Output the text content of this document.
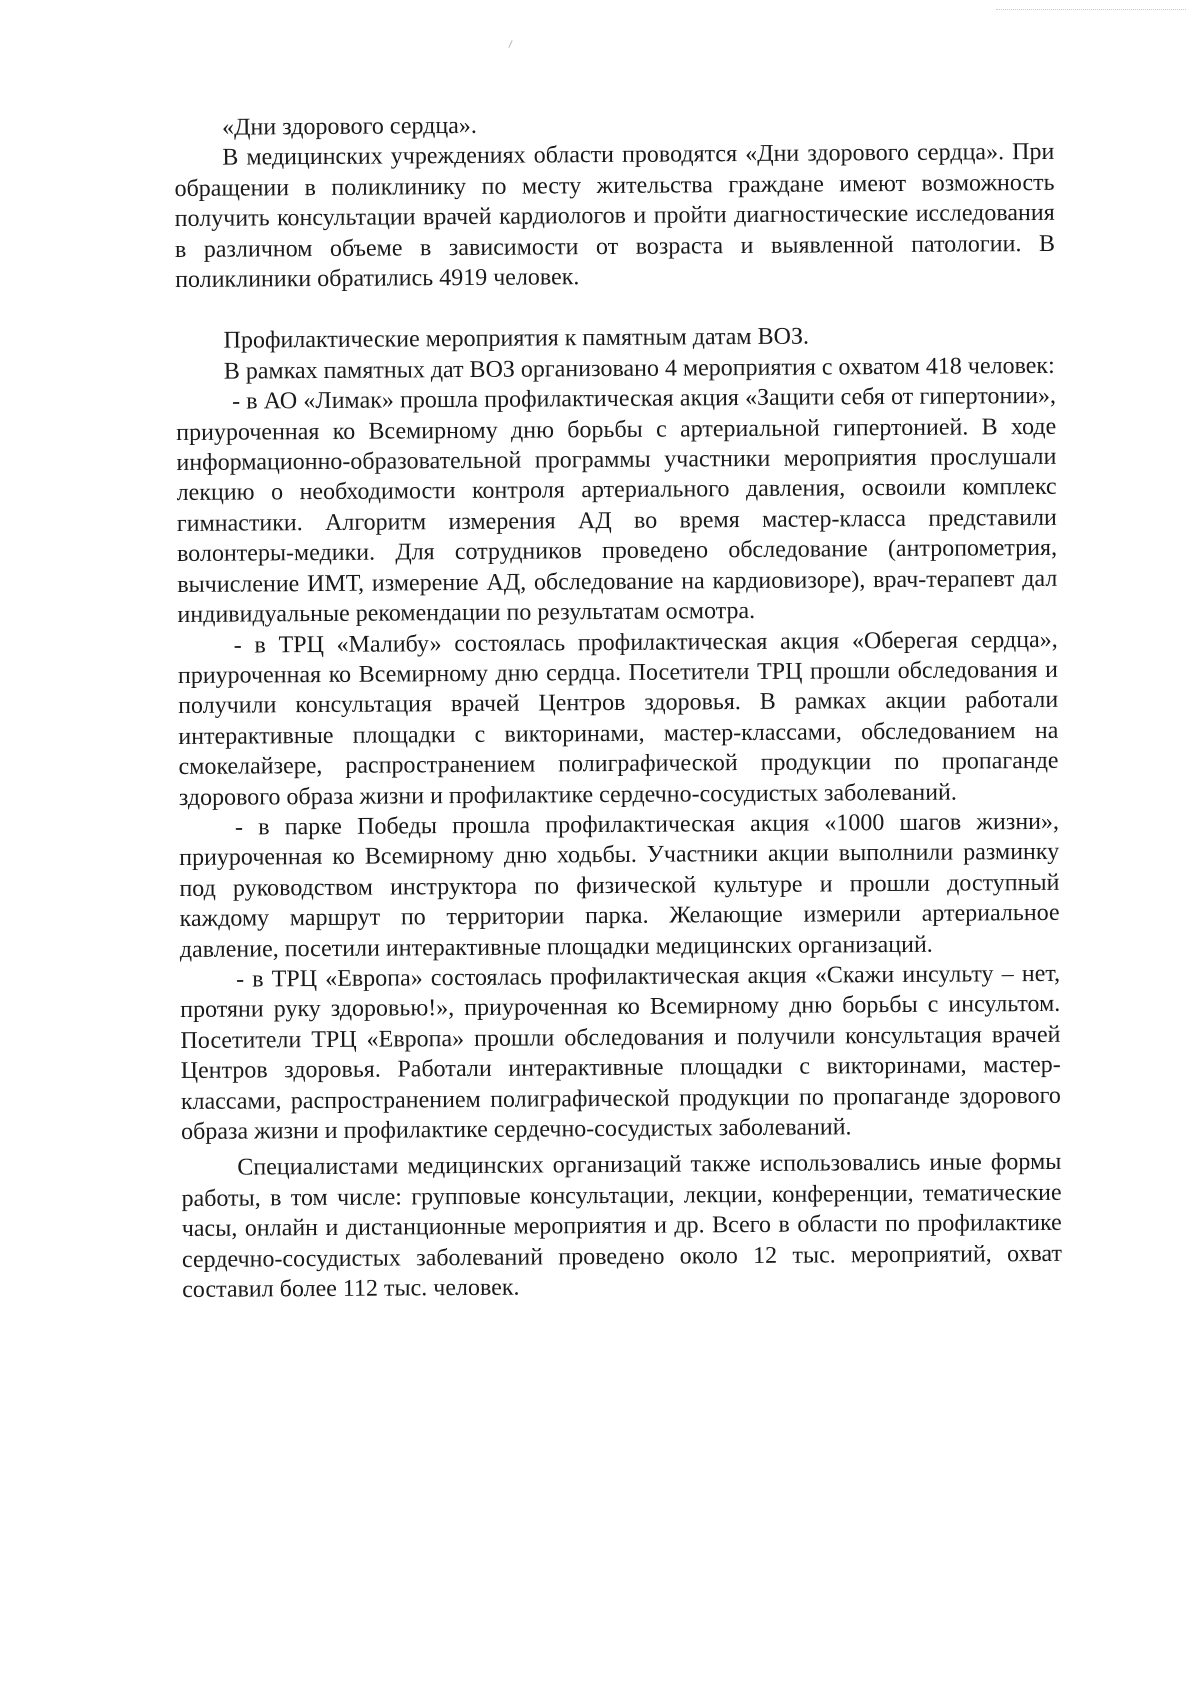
«Дни здорового сердца».

В медицинских учреждениях области проводятся «Дни здорового сердца». При обращении в поликлинику по месту жительства граждане имеют возможность получить консультации врачей кардиологов и пройти диагностические исследования в различном объеме в зависимости от возраста и выявленной патологии. В поликлиники обратились 4919 человек.

Профилактические мероприятия к памятным датам ВОЗ.

В рамках памятных дат ВОЗ организовано 4 мероприятия с охватом 418 человек:

- в АО «Лимак» прошла профилактическая акция «Защити себя от гипертонии», приуроченная ко Всемирному дню борьбы с артериальной гипертонией. В ходе информационно-образовательной программы участники мероприятия прослушали лекцию о необходимости контроля артериального давления, освоили комплекс гимнастики. Алгоритм измерения АД во время мастер-класса представили волонтеры-медики. Для сотрудников проведено обследование (антропометрия, вычисление ИМТ, измерение АД, обследование на кардиовизоре), врач-терапевт дал индивидуальные рекомендации по результатам осмотра.

- в ТРЦ «Малибу» состоялась профилактическая акция «Оберегая сердца», приуроченная ко Всемирному дню сердца. Посетители ТРЦ прошли обследования и получили консультация врачей Центров здоровья. В рамках акции работали интерактивные площадки с викторинами, мастер-классами, обследованием на смокелайзере, распространением полиграфической продукции по пропаганде здорового образа жизни и профилактике сердечно-сосудистых заболеваний.

- в парке Победы прошла профилактическая акция «1000 шагов жизни», приуроченная ко Всемирному дню ходьбы. Участники акции выполнили разминку под руководством инструктора по физической культуре и прошли доступный каждому маршрут по территории парка. Желающие измерили артериальное давление, посетили интерактивные площадки медицинских организаций.

- в ТРЦ «Европа» состоялась профилактическая акция «Скажи инсульту – нет, протяни руку здоровью!», приуроченная ко Всемирному дню борьбы с инсультом. Посетители ТРЦ «Европа» прошли обследования и получили консультация врачей Центров здоровья. Работали интерактивные площадки с викторинами, мастер-классами, распространением полиграфической продукции по пропаганде здорового образа жизни и профилактике сердечно-сосудистых заболеваний.

Специалистами медицинских организаций также использовались иные формы работы, в том числе: групповые консультации, лекции, конференции, тематические часы, онлайн и дистанционные мероприятия и др. Всего в области по профилактике сердечно-сосудистых заболеваний проведено около 12 тыс. мероприятий, охват составил более 112 тыс. человек.
